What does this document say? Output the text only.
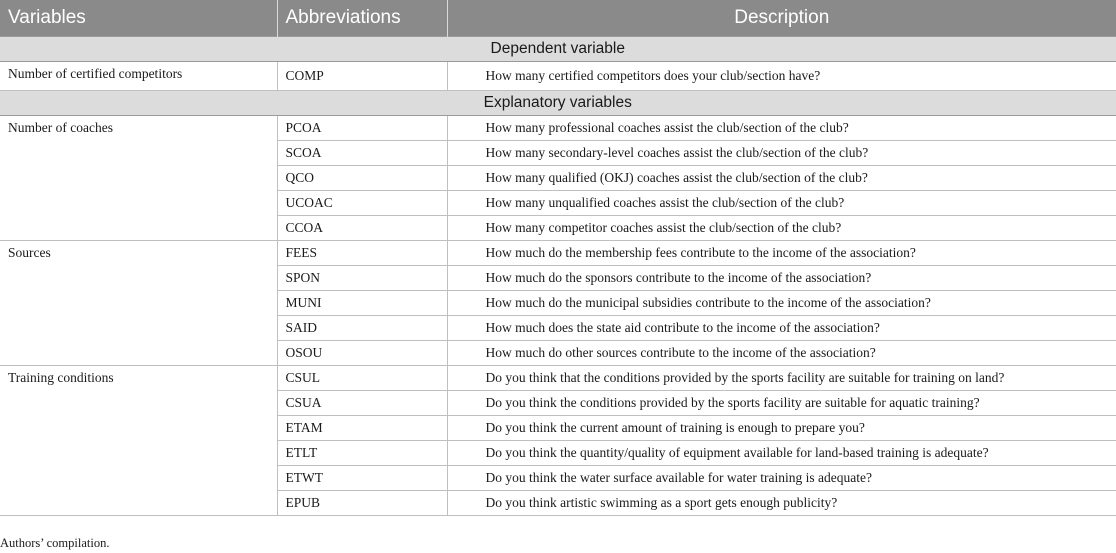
Variables	Abbreviations	Description
Dependent variable		
Number of certified competitors	COMP	How many certified competitors does your club/section have?
Explanatory variables		
Number of coaches	PCOA	How many professional coaches assist the club/section of the club?
	SCOA	How many secondary-level coaches assist the club/section of the club?
	QCO	How many qualified (OKJ) coaches assist the club/section of the club?
	UCOAC	How many unqualified coaches assist the club/section of the club?
	CCOA	How many competitor coaches assist the club/section of the club?
Sources	FEES	How much do the membership fees contribute to the income of the association?
	SPON	How much do the sponsors contribute to the income of the association?
	MUNI	How much do the municipal subsidies contribute to the income of the association?
	SAID	How much does the state aid contribute to the income of the association?
	OSOU	How much do other sources contribute to the income of the association?
Training conditions	CSUL	Do you think that the conditions provided by the sports facility are suitable for training on land?
	CSUA	Do you think the conditions provided by the sports facility are suitable for aquatic training?
	ETAM	Do you think the current amount of training is enough to prepare you?
	ETLT	Do you think the quantity/quality of equipment available for land-based training is adequate?
	ETWT	Do you think the water surface available for water training is adequate?
	EPUB	Do you think artistic swimming as a sport gets enough publicity?
Authors’ compilation.
